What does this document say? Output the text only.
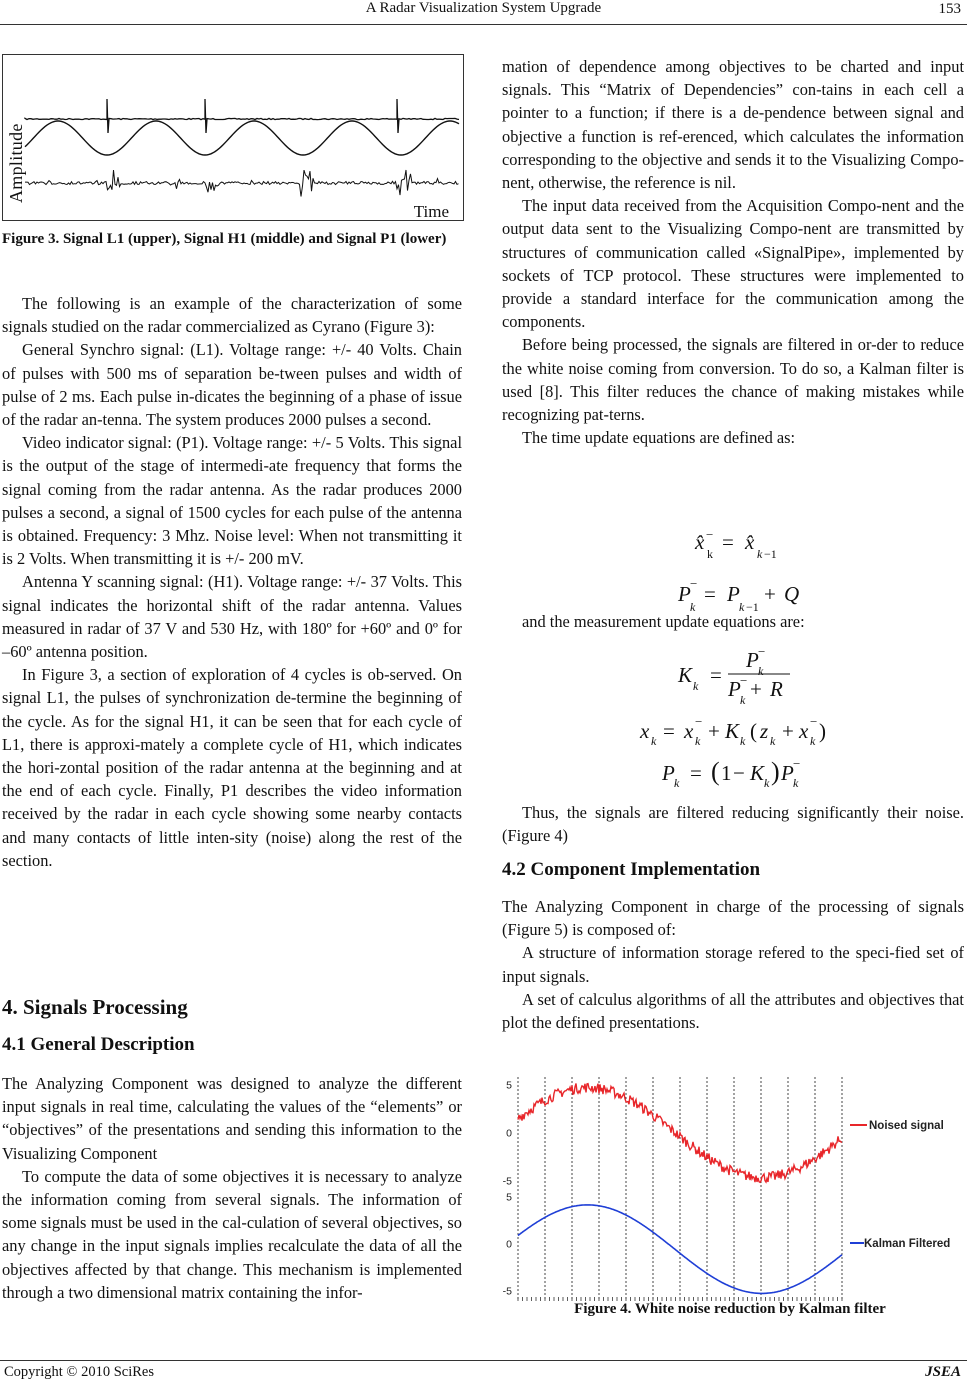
A Radar Visualization System Upgrade	153
Amplitude
Time
Figure 3. Signal L1 (upper), Signal H1 (middle) and Signal P1 (lower)

The following is an example of the characterization of some signals studied on the radar commercialized as Cyrano (Figure 3):

General Synchro signal: (L1). Voltage range: +/- 40 Volts. Chain of pulses with 500 ms of separation be-tween pulses and width of pulse of 2 ms. Each pulse in-dicates the beginning of a phase of issue of the radar an-tenna. The system produces 2000 pulses a second.

Video indicator signal: (P1). Voltage range: +/- 5 Volts. This signal is the output of the stage of intermedi-ate frequency that forms the signal coming from the radar antenna. As the radar produces 2000 pulses a second, a signal of 1500 cycles for each pulse of the antenna is obtained. Frequency: 3 Mhz. Noise level: When not transmitting it is 2 Volts. When transmitting it is +/- 200 mV.

Antenna Y scanning signal: (H1). Voltage range: +/- 37 Volts. This signal indicates the horizontal shift of the radar antenna. Values measured in radar of 37 V and 530 Hz, with 180º for +60º and 0º for –60º antenna position.

In Figure 3, a section of exploration of 4 cycles is ob-served. On signal L1, the pulses of synchronization de-termine the beginning of the cycle. As for the signal H1, it can be seen that for each cycle of L1, there is approxi-mately a complete cycle of H1, which indicates the hori-zontal position of the radar antenna at the beginning and at the end of each cycle. Finally, P1 describes the video information received by the radar in each cycle showing some nearby contacts and many contacts of little inten-sity (noise) along the rest of the section.

4. Signals Processing
4.1 General Description

The Analyzing Component was designed to analyze the different input signals in real time, calculating the values of the “elements” or “objectives” of the presentations and sending this information to the Visualizing Component

To compute the data of some objectives it is necessary to analyze the information coming from several signals. The information of some signals must be used in the cal-culation of several objectives, so any change in the input signals implies recalculate the data of all the objectives affected by that change. This mechanism is implemented through a two dimensional matrix containing the infor-

mation of dependence among objectives to be charted and input signals. This “Matrix of Dependencies” con-tains in each cell a pointer to a function; if there is a de-pendence between signal and objective a function is ref-erenced, which calculates the information corresponding to the objective and sends it to the Visualizing Compo-nent, otherwise, the reference is nil.

The input data received from the Acquisition Compo-nent and the output data sent to the Visualizing Compo-nent are transmitted by structures of communication called «SignalPipe», implemented by sockets of TCP protocol. These structures were implemented to provide a standard interface for the communication among the components.

Before being processed, the signals are filtered in or-der to reduce the white noise coming from conversion. To do so, a Kalman filter is used [8]. This filter reduces the chance of making mistakes while recognizing pat-terns.

The time update equations are defined as:

x̂ k
− = x̂ k −1
P
k
− = P
k −1
+ Q

and the measurement update equations are:

K k =
P k
−
P k
− + R
x k = x k
− + K k ( z k + x k
− )
P k = ( 1 − K k ) P k
−

Thus, the signals are filtered reducing significantly their noise. (Figure 4)

4.2 Component Implementation

The Analyzing Component in charge of the processing of signals (Figure 5) is composed of:

A structure of information storage refered to the speci-fied set of input signals.

A set of calculus algorithms of all the attributes and objectives that plot the defined presentations.

5
0
-5
5
0
-5
Noised signal
Kalman Filtered
Figure 4. White noise reduction by Kalman filter
Copyright © 2010 SciRes	JSEA
